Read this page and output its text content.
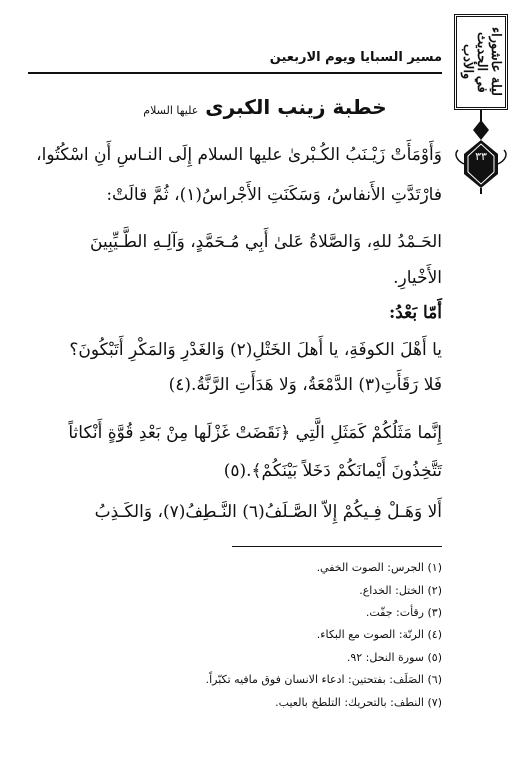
مسير السبايا ويوم الاربعين	ليلة عاشوراء في الحديث والأدب
٣٣
خطبة زينب الكبرى عليها السلام
وَأَوْمَأَتْ زَيْـنَبُ الكُـبْرىٰ عليها السلام إِلَى النـاسِ أَنِ اسْكُتُوا،
فارْتَدَّتِ الأَنفاسُ، وَسَكَنَتِ الأَجْراسُ(١)، ثُمَّ قالَتْ:
الحَـمْدُ للهِ، وَالصَّلاةُ عَلىٰ أَبِي مُـحَمَّدٍ، وَآلِـهِ الطَّـيِّبِينَ
الأَخْيارِ.
أَمّا بَعْدُ:
يا أَهْلَ الكوفَةِ، يا أَهلَ الخَتْلِ(٢) وَالغَدْرِ وَالمَكْرِ أَتَبْكُونَ؟
فَلا رَقَأَتِ(٣) الدَّمْعَةُ، وَلا هَدَأَتِ الرَّنَّةُ.(٤)
إِنَّما مَثَلُكُمْ كَمَثَلِ الَّتِي ﴿نَقَضَتْ غَزْلَها مِنْ بَعْدِ قُوَّةٍ أَنْكاثاً
تَتَّخِذُونَ أَيْمانَكُمْ دَخَلاً بَيْنَكُمْ﴾.(٥)
أَلا وَهَـلْ فِـيكُمْ إِلاّ الصَّـلَفُ(٦) النَّـطِفُ(٧)، وَالكَـذِبُ
(١) الجرس: الصوت الخفي.
(٢) الختل: الخداع.
(٣) رقأت: جفّت.
(٤) الرنّة: الصوت مع البكاء.
(٥) سورة النحل: ٩٢.
(٦) الصَلَف: بفتحتين: ادعاء الانسان فوق مافيه تكبّراً.
(٧) النطف: بالتحريك: التلطخ بالعيب.
